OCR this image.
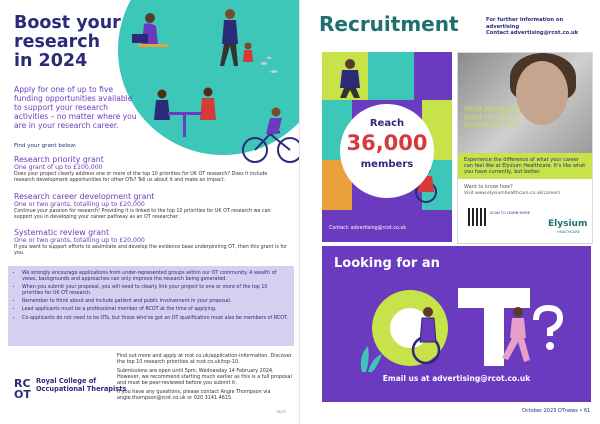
Boost your research in 2024
Apply for one of up to five funding opportunities available to support your research activities – no matter where you are in your research career.
Find your grant below:
Research priority grant
One grant of up to £100,000
Does your project clearly address one or more of the top 10 priorities for UK OT research? Does it include research development opportunities for other OTs? Tell us about it and make an impact.
Research career development grant
One or two grants, totalling up to £20,000
Continue your passion for research! Providing it is linked to the top 10 priorities for UK OT research we can support you in developing your career pathway as an OT researcher.
Systematic review grant
One or two grants, totalling up to £20,000
If you want to support efforts to assimilate and develop the evidence base underpinning OT, then this grant is for you.
• We strongly encourage applications from under-represented groups within our OT community. A wealth of views, backgrounds and approaches can only improve the research being generated.
• When you submit your proposal, you will need to clearly link your project to one or more of the top 10 priorities for UK OT research.
• Remember to think about and include patient and public involvement in your proposal.
• Lead applicants must be a professional member of RCOT at the time of applying.
• Co-applicants do not need to be OTs, but those who've got an OT qualification must also be members of RCOT.
RC OT
Royal College of Occupational Therapists

Find out more and apply at rcot.co.uk/application-information. Discover the top 10 research priorities at rcot.co.uk/top-10.

Submissions are open until 5pm, Wednesday 14 February 2024. However, we recommend starting much earlier as this is a full proposal and must be peer-reviewed before you submit it.

If you have any questions, please contact Angie Thompson via angie.thompson@rcot.co.uk or 020 3141 4615.

16/23
Recruitment	For further information on advertising
Contact advertising@rcot.co.uk
Reach
36,000
members
Contact: advertising@rcot.co.uk
What delivering great healthcare should feel like.
Experience the difference of what your career can feel like at Elysium Healthcare. It's like what you have currently, but better.
Want to know how?
Visit www.elysiumhealthcare.co.uk/careers
SCAN TO LEARN MORE
Elysium
HEALTHCARE
Looking for an
Email us at advertising@rcot.co.uk
October 2023 OTnews • 61
